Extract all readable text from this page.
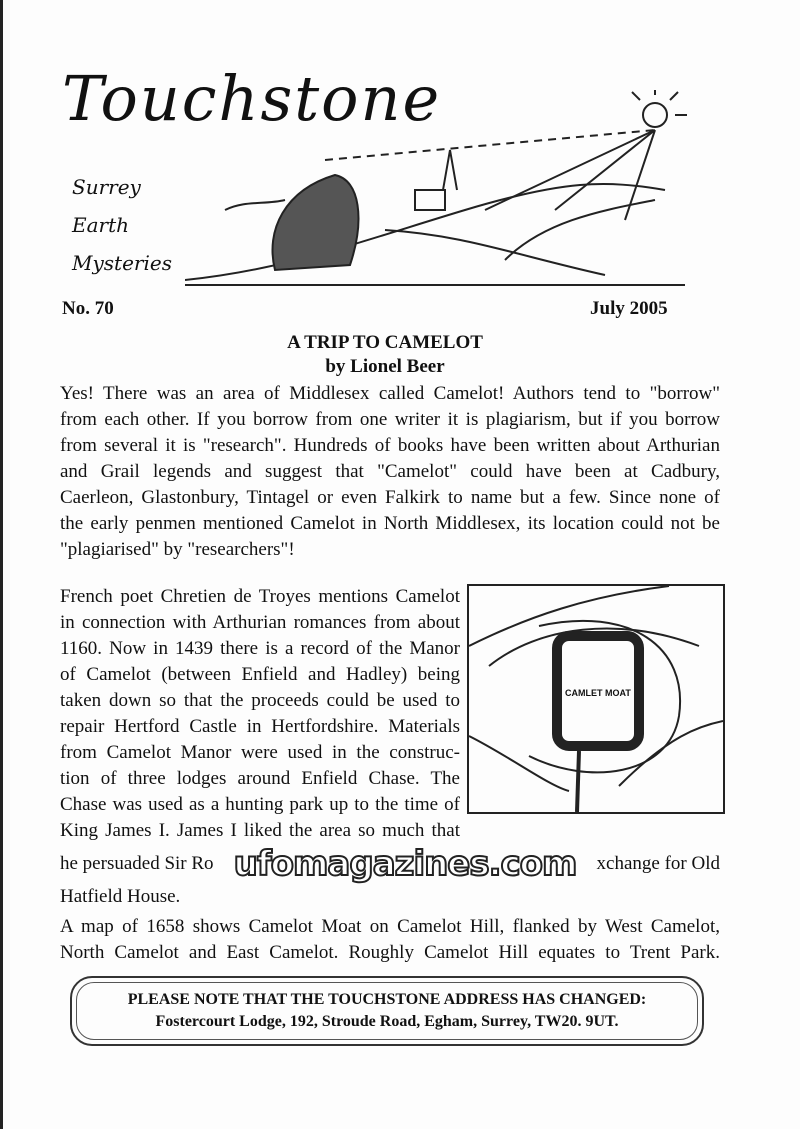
Touchstone
Surrey
Earth
Mysteries
No. 70	July 2005
A TRIP TO CAMELOT
by Lionel Beer
Yes! There was an area of Middlesex called Camelot! Authors tend to "borrow"
from each other. If you borrow from one writer it is plagiarism, but if you borrow
from several it is "research". Hundreds of books have been written about Arthurian
and Grail legends and suggest that "Camelot" could have been at Cadbury,
Caerleon, Glastonbury, Tintagel or even Falkirk to name but a few. Since none of
the early penmen mentioned Camelot in North Middlesex, its location could not be
"plagiarised" by "researchers"!
French poet Chretien de Troyes mentions Camelot
in connection with Arthurian romances from about
1160. Now in 1439 there is a record of the Manor
of Camelot (between Enfield and Hadley) being
taken down so that the proceeds could be used to
repair Hertford Castle in Hertfordshire. Materials
from Camelot Manor were used in the construc-
tion of three lodges around Enfield Chase. The
Chase was used as a hunting park up to the time of
King James I. James I liked the area so much that
he persuaded Sir Ro ufomagazines.com xchange for Old
Hatfield House.
CAMLET MOAT
A map of 1658 shows Camelot Moat on Camelot Hill, flanked by West Camelot,
North Camelot and East Camelot. Roughly Camelot Hill equates to Trent Park.
PLEASE NOTE THAT THE TOUCHSTONE ADDRESS HAS CHANGED:
Fostercourt Lodge, 192, Stroude Road, Egham, Surrey, TW20. 9UT.
